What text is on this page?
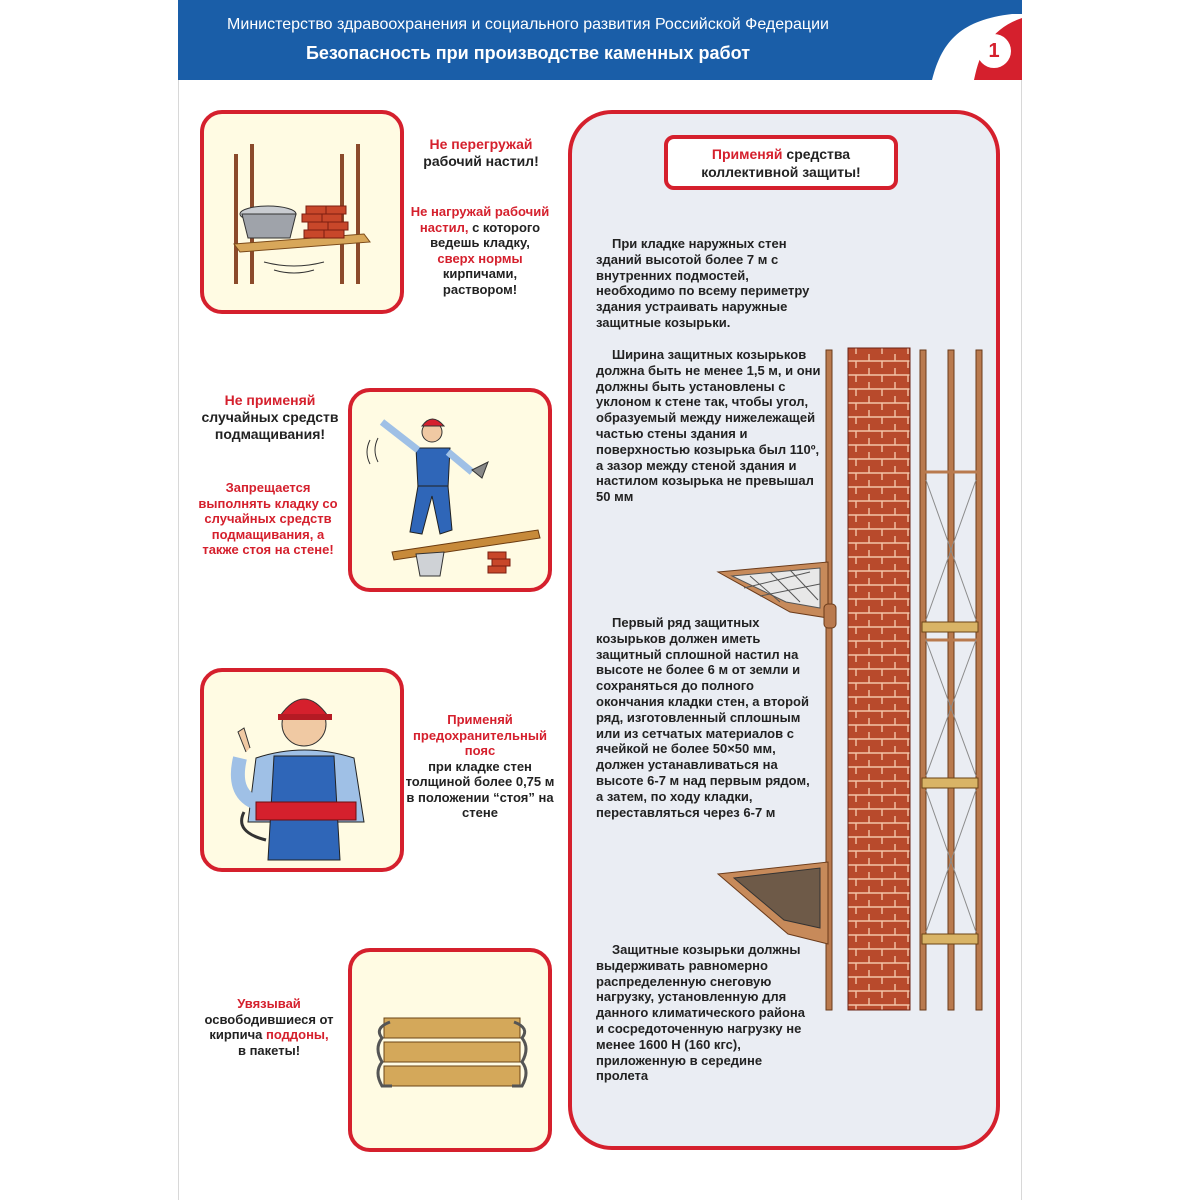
Министерство здравоохранения и социального развития Российской Федерации
Безопасность при производстве каменных работ	1
Не перегружай
рабочий настил!
Не нагружай рабочий настил, с которого ведешь кладку,
сверх нормы
кирпичами, раствором!
Не применяй
случайных средств подмащивания!
Запрещается выполнять кладку со случайных средств подмащивания, а также стоя на стене!
Применяй предохранительный пояс
при кладке стен толщиной более 0,75 м в положении “стоя” на стене
Увязывай
освободившиеся от кирпича поддоны,
в пакеты!
Применяй средства
коллективной защиты!
При кладке наружных стен зданий высотой более 7 м с внутренних подмостей, необходимо по всему периметру здания устраивать наружные защитные козырьки.
Ширина защитных козырьков должна быть не менее 1,5 м, и они должны быть установлены с уклоном к стене так, чтобы угол, образуемый между нижележащей частью стены здания и поверхностью козырька был 110º, а зазор между стеной здания и настилом козырька не превышал 50 мм
Первый ряд защитных козырьков должен иметь защитный сплошной настил на высоте не более 6 м от земли и сохраняться до полного окончания кладки стен, а второй ряд, изготовленный сплошным или из сетчатых материалов с ячейкой не более 50×50 мм, должен устанавливаться на высоте 6-7 м над первым рядом, а затем, по ходу кладки, переставляться через 6-7 м
Защитные козырьки должны выдерживать равномерно распределенную снеговую нагрузку, установленную для данного климатического района и сосредоточенную нагрузку не менее 1600 Н (160 кгс), приложенную в середине пролета
